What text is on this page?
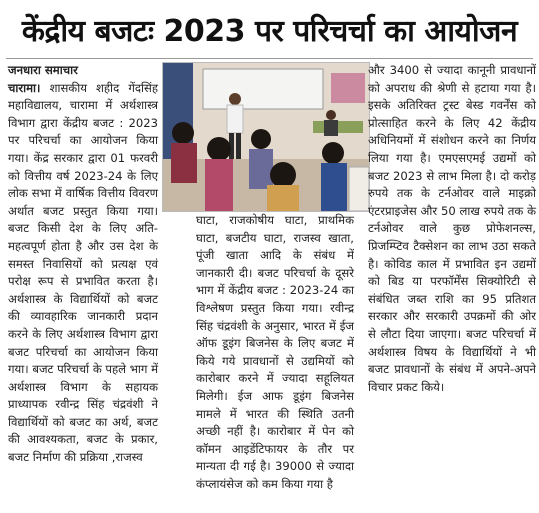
केंद्रीय बजटः 2023 पर परिचर्चा का आयोजन

जनधारा समाचार
चारामा। शासकीय शहीद गेंदसिंह महाविद्यालय, चारामा में अर्थशास्त्र विभाग द्वारा केंद्रीय बजट : 2023 पर परिचर्चा का आयोजन किया गया। केंद्र सरकार द्वारा 01 फरवरी को वित्तीय वर्ष 2023-24 के लिए लोक सभा में वार्षिक वित्तीय विवरण अर्थात बजट प्रस्तुत किया गया। बजट किसी देश के लिए अति-महत्वपूर्ण होता है और उस देश के समस्त निवासियों को प्रत्यक्ष एवं परोक्ष रूप से प्रभावित करता है। अर्थशास्त्र के विद्यार्थियों को बजट की व्यावहारिक जानकारी प्रदान करने के लिए अर्थशास्त्र विभाग द्वारा बजट परिचर्चा का आयोजन किया गया। बजट परिचर्चा के पहले भाग में अर्थशास्त्र विभाग के सहायक प्राध्यापक रवीन्द्र सिंह चंद्रवंशी ने विद्यार्थियों को बजट का अर्थ, बजट की आवश्यकता, बजट के प्रकार, बजट निर्माण की प्रक्रिया ,राजस्व

घाटा, राजकोषीय घाटा, प्राथमिक घाटा, बजटीय घाटा, राजस्व खाता, पूंजी खाता आदि के संबंध में जानकारी दी। बजट परिचर्चा के दूसरे भाग में केंद्रीय बजट : 2023-24 का विश्लेषण प्रस्तुत किया गया। रवीन्द्र सिंह चंद्रवंशी के अनुसार, भारत में ईज ऑफ डूइंग बिजनेस के लिए बजट में किये गये प्रावधानों से उद्यमियों को कारोबार करने में ज्यादा सहूलियत मिलेगी। ईज आफ डूइंग बिजनेस मामले में भारत की स्थिति उतनी अच्छी नहीं है। कारोबार में पेन को कॉमन आइडेंटिफायर के तौर पर मान्यता दी गई है। 39000 से ज्यादा कंप्लायंसेज को कम किया गया है

और 3400 से ज्यादा कानूनी प्रावधानों को अपराध की श्रेणी से हटाया गया है। इसके अतिरिक्त ट्रस्ट बेस्ड गवर्नेंस को प्रोत्साहित करने के लिए 42 केंद्रीय अधिनियमों में संशोधन करने का निर्णय लिया गया है। एमएसएमई उद्यमों को बजट 2023 से लाभ मिला है। दो करोड़ रुपये तक के टर्नओवर वाले माइक्रो एंटरप्राइजेस और 50 लाख रुपये तक के टर्नओवर वाले कुछ प्रोफेशनल्स, प्रिजम्प्टिव टैक्सेशन का लाभ उठा सकते है। कोविड काल में प्रभावित इन उद्यमों को बिड या परफॉर्मेंस सिक्योरिटी से संबंधित जब्त राशि का 95 प्रतिशत सरकार और सरकारी उपक्रमों की ओर से लौटा दिया जाएगा। बजट परिचर्चा में अर्थशास्त्र विषय के विद्यार्थियों ने भी बजट प्रावधानों के संबंध में अपने-अपने विचार प्रकट किये।
